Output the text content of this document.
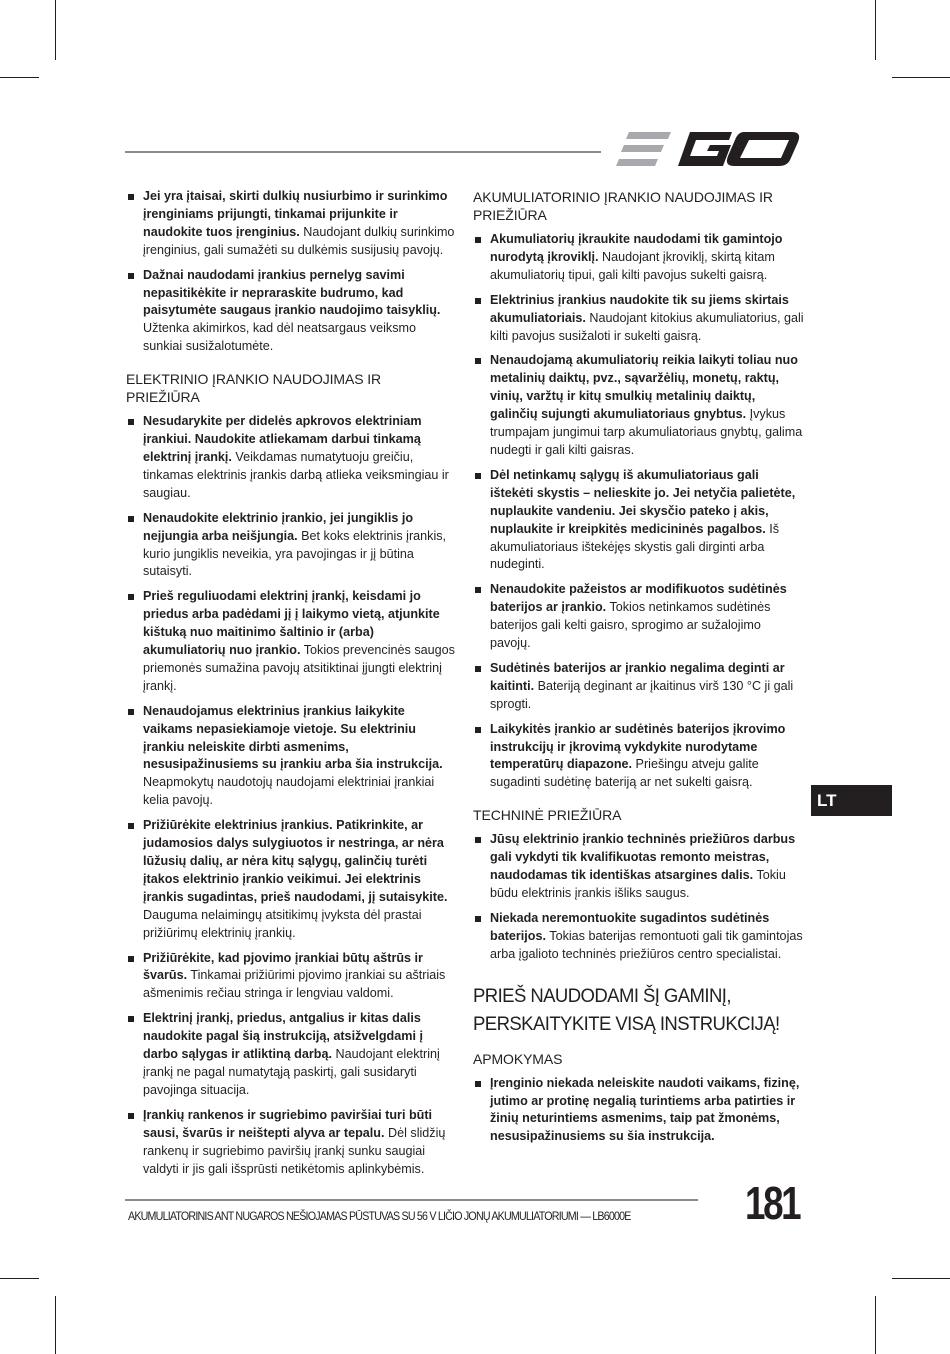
Jei yra įtaisai, skirti dulkių nusiurbimo ir surinkimo įrenginiams prijungti, tinkamai prijunkite ir naudokite tuos įrenginius. Naudojant dulkių surinkimo įrenginius, gali sumažėti su dulkėmis susijusių pavojų.
Dažnai naudodami įrankius pernelyg savimi nepasitikėkite ir nepraraskite budrumo, kad paisytumėte saugaus įrankio naudojimo taisyklių. Užtenka akimirkos, kad dėl neatsargaus veiksmo sunkiai susižalotumėte.
ELEKTRINIO ĮRANKIO NAUDOJIMAS IR PRIEŽIŪRA
Nesudarykite per didelės apkrovos elektriniam įrankiui. Naudokite atliekamam darbui tinkamą elektrinį įrankį. Veikdamas numatytuoju greičiu, tinkamas elektrinis įrankis darbą atlieka veiksmingiau ir saugiau.
Nenaudokite elektrinio įrankio, jei jungiklis jo neįjungia arba neišjungia. Bet koks elektrinis įrankis, kurio jungiklis neveikia, yra pavojingas ir jį būtina sutaisyti.
Prieš reguliuodami elektrinį įrankį, keisdami jo priedus arba padėdami jį į laikymo vietą, atjunkite kištuką nuo maitinimo šaltinio ir (arba) akumuliatorių nuo įrankio. Tokios prevencinės saugos priemonės sumažina pavojų atsitiktinai įjungti elektrinį įrankį.
Nenaudojamus elektrinius įrankius laikykite vaikams nepasiekiamoje vietoje. Su elektriniu įrankiu neleiskite dirbti asmenims, nesusipažinusiems su įrankiu arba šia instrukcija. Neapmokytų naudotojų naudojami elektriniai įrankiai kelia pavojų.
Prižiūrėkite elektrinius įrankius. Patikrinkite, ar judamosios dalys sulygiuotos ir nestringa, ar nėra lūžusių dalių, ar nėra kitų sąlygų, galinčių turėti įtakos elektrinio įrankio veikimui. Jei elektrinis įrankis sugadintas, prieš naudodami, jį sutaisykite. Dauguma nelaimingų atsitikimų įvyksta dėl prastai prižiūrimų elektrinių įrankių.
Prižiūrėkite, kad pjovimo įrankiai būtų aštrūs ir švarūs. Tinkamai prižiūrimi pjovimo įrankiai su aštriais ašmenimis rečiau stringa ir lengviau valdomi.
Elektrinį įrankį, priedus, antgalius ir kitas dalis naudokite pagal šią instrukciją, atsižvelgdami į darbo sąlygas ir atliktiną darbą. Naudojant elektrinį įrankį ne pagal numatytąją paskirtį, gali susidaryti pavojinga situacija.
Įrankių rankenos ir sugriebimo paviršiai turi būti sausi, švarūs ir neištepti alyva ar tepalu. Dėl slidžių rankenų ir sugriebimo paviršių įrankį sunku saugiai valdyti ir jis gali išsprūsti netikėtomis aplinkybėmis.
AKUMULIATORINIO ĮRANKIO NAUDOJIMAS IR PRIEŽIŪRA
Akumuliatorių įkraukite naudodami tik gamintojo nurodytą įkroviklį. Naudojant įkroviklį, skirtą kitam akumuliatorių tipui, gali kilti pavojus sukelti gaisrą.
Elektrinius įrankius naudokite tik su jiems skirtais akumuliatoriais. Naudojant kitokius akumuliatorius, gali kilti pavojus susižaloti ir sukelti gaisrą.
Nenaudojamą akumuliatorių reikia laikyti toliau nuo metalinių daiktų, pvz., sąvaržėlių, monetų, raktų, vinių, varžtų ir kitų smulkių metalinių daiktų, galinčių sujungti akumuliatoriaus gnybtus. Įvykus trumpajam jungimui tarp akumuliatoriaus gnybtų, galima nudegti ir gali kilti gaisras.
Dėl netinkamų sąlygų iš akumuliatoriaus gali ištekėti skystis – nelieskite jo. Jei netyčia palietėte, nuplaukite vandeniu. Jei skysčio pateko į akis, nuplaukite ir kreipkitės medicininės pagalbos. Iš akumuliatoriaus ištekėjęs skystis gali dirginti arba nudeginti.
Nenaudokite pažeistos ar modifikuotos sudėtinės baterijos ar įrankio. Tokios netinkamos sudėtinės baterijos gali kelti gaisro, sprogimo ar sužalojimo pavojų.
Sudėtinės baterijos ar įrankio negalima deginti ar kaitinti. Bateriją deginant ar įkaitinus virš 130 °C ji gali sprogti.
Laikykitės įrankio ar sudėtinės baterijos įkrovimo instrukcijų ir įkrovimą vykdykite nurodytame temperatūrų diapazone. Priešingu atveju galite sugadinti sudėtinę bateriją ar net sukelti gaisrą.
TECHNINĖ PRIEŽIŪRA
Jūsų elektrinio įrankio techninės priežiūros darbus gali vykdyti tik kvalifikuotas remonto meistras, naudodamas tik identiškas atsargines dalis. Tokiu būdu elektrinis įrankis išliks saugus.
Niekada neremontuokite sugadintos sudėtinės baterijos. Tokias baterijas remontuoti gali tik gamintojas arba įgalioto techninės priežiūros centro specialistai.
PRIEŠ NAUDODAMI ŠĮ GAMINĮ,
PERSKAITYKITE VISĄ INSTRUKCIJĄ!
APMOKYMAS
Įrenginio niekada neleiskite naudoti vaikams, fizinę, jutimo ar protinę negalią turintiems arba patirties ir žinių neturintiems asmenims, taip pat žmonėms, nesusipažinusiems su šia instrukcija.
LT
AKUMULIATORINIS ANT NUGAROS NEŠIOJAMAS PŪSTUVAS SU 56 V LIČIO JONŲ AKUMULIATORIUMI — LB6000E 181
